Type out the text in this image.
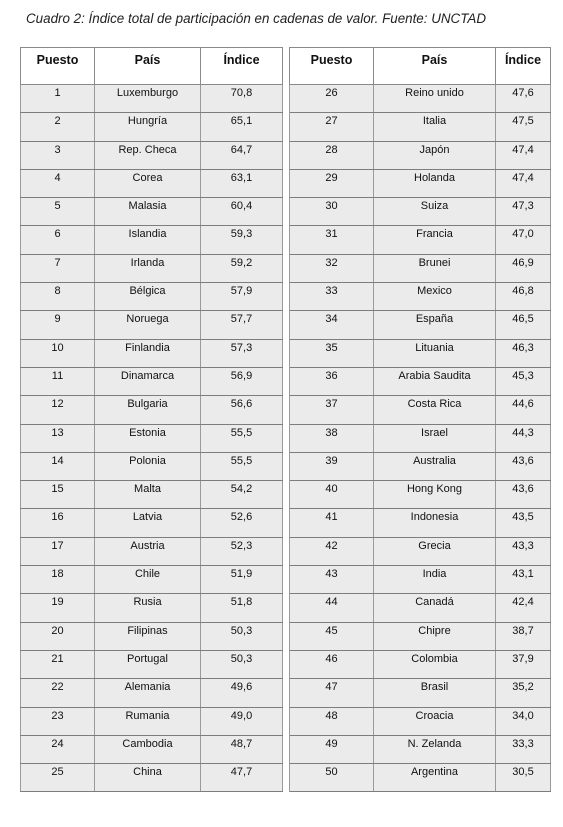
Cuadro 2: Índice total de participación en cadenas de valor. Fuente: UNCTAD

Puesto	País	Índice		Puesto	País	Índice
1	Luxemburgo	70,8		26	Reino unido	47,6
2	Hungría	65,1		27	Italia	47,5
3	Rep. Checa	64,7		28	Japón	47,4
4	Corea	63,1		29	Holanda	47,4
5	Malasia	60,4		30	Suiza	47,3
6	Islandia	59,3		31	Francia	47,0
7	Irlanda	59,2		32	Brunei	46,9
8	Bélgica	57,9		33	Mexico	46,8
9	Noruega	57,7		34	España	46,5
10	Finlandia	57,3		35	Lituania	46,3
11	Dinamarca	56,9		36	Arabia Saudita	45,3
12	Bulgaria	56,6		37	Costa Rica	44,6
13	Estonia	55,5		38	Israel	44,3
14	Polonia	55,5		39	Australia	43,6
15	Malta	54,2		40	Hong Kong	43,6
16	Latvia	52,6		41	Indonesia	43,5
17	Austria	52,3		42	Grecia	43,3
18	Chile	51,9		43	India	43,1
19	Rusia	51,8		44	Canadá	42,4
20	Filipinas	50,3		45	Chipre	38,7
21	Portugal	50,3		46	Colombia	37,9
22	Alemania	49,6		47	Brasil	35,2
23	Rumania	49,0		48	Croacia	34,0
24	Cambodia	48,7		49	N. Zelanda	33,3
25	China	47,7		50	Argentina	30,5
